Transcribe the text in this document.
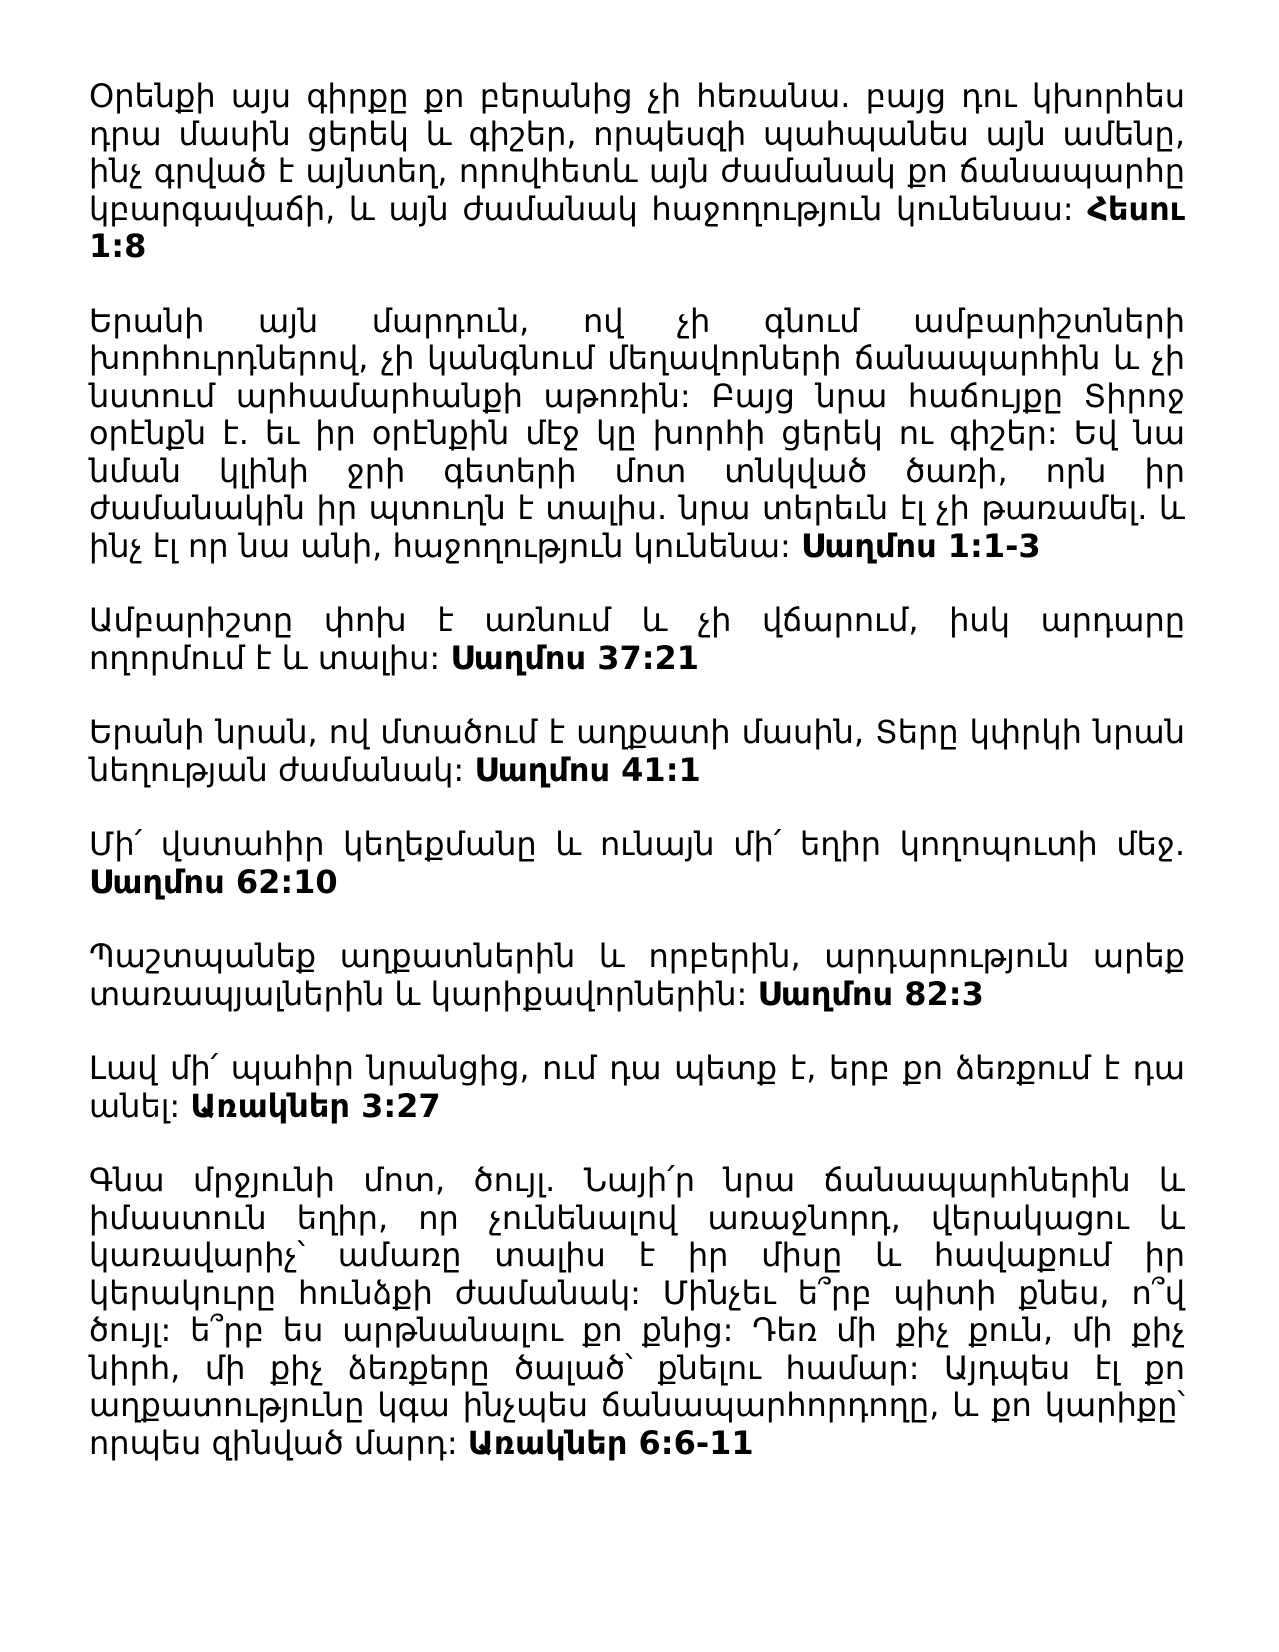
Օրենքի այս գիրքը քո բերանից չի հեռանա. բայց դու կխորհես դրա մասին ցերեկ և գիշեր, որպեսզի պահպանես այն ամենը, ինչ գրված է այնտեղ, որովհետև այն ժամանակ քո ճանապարհը կբարգավաճի, և այն ժամանակ հաջողություն կունենաս: Հեսու 1:8

Երանի այն մարդուն, ով չի գնում ամբարիշտների խորհուրդներով, չի կանգնում մեղավորների ճանապարհին և չի նստում արհամարհանքի աթոռին: Բայց նրա հաճույքը Տիրոջ օրէնքն է. եւ իր օրէնքին մէջ կը խորհի ցերեկ ու գիշեր: Եվ նա նման կլինի ջրի գետերի մոտ տնկված ծառի, որն իր ժամանակին իր պտուղն է տալիս. նրա տերեւն էլ չի թառամել. և ինչ էլ որ նա անի, հաջողություն կունենա: Սաղմոս 1:1-3

Ամբարիշտը փոխ է առնում և չի վճարում, իսկ արդարը ողորմում է և տալիս: Սաղմոս 37:21

Երանի նրան, ով մտածում է աղքատի մասին, Տերը կփրկի նրան նեղության ժամանակ: Սաղմոս 41:1

Մի՛ վստահիր կեղեքմանը և ունայն մի՛ եղիր կողոպուտի մեջ. Սաղմոս 62:10

Պաշտպանեք աղքատներին և որբերին, արդարություն արեք տառապյալներին և կարիքավորներին: Սաղմոս 82:3

Լավ մի՛ պահիր նրանցից, ում դա պետք է, երբ քո ձեռքում է դա անել: Առակներ 3:27

Գնա մրջյունի մոտ, ծույլ. Նայի՛ր նրա ճանապարհներին և իմաստուն եղիր, որ չունենալով առաջնորդ, վերակացու և կառավարիչ՝ ամառը տալիս է իր միսը և հավաքում իր կերակուրը հունձքի ժամանակ: Մինչեւ ե՞րբ պիտի քնես, ո՞վ ծույլ: ե՞րբ ես արթնանալու քո քնից: Դեռ մի քիչ քուն, մի քիչ նիրհ, մի քիչ ձեռքերը ծալած՝ քնելու համար: Այդպես էլ քո աղքատությունը կգա ինչպես ճանապարհորդողը, և քո կարիքը՝ որպես զինված մարդ: Առակներ 6:6-11
